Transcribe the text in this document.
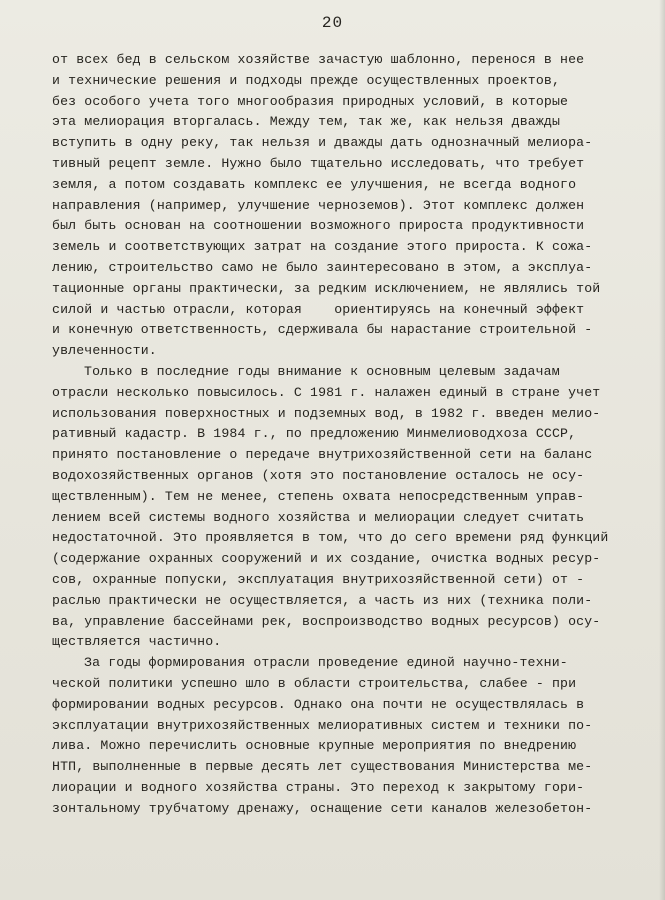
20
от всех бед в сельском хозяйстве зачастую шаблонно, перенося в нее
и технические решения и подходы прежде осуществленных проектов,
без особого учета того многообразия природных условий, в которые
эта мелиорация вторгалась. Между тем, так же, как нельзя дважды
вступить в одну реку, так нельзя и дважды дать однозначный мелиора-
тивный рецепт земле. Нужно было тщательно исследовать, что требует
земля, а потом создавать комплекс ее улучшения, не всегда водного
направления (например, улучшение черноземов). Этот комплекс должен
был быть основан на соотношении возможного прироста продуктивности
земель и соответствующих затрат на создание этого прироста. К сожа-
лению, строительство само не было заинтересовано в этом, а эксплуа-
тационные органы практически, за редким исключением, не являлись той
силой и частью отрасли, которая    ориентируясь на конечный эффект
и конечную ответственность, сдерживала бы нарастание строительной -
увлеченности.
Только в последние годы внимание к основным целевым задачам
отрасли несколько повысилось. С 1981 г. налажен единый в стране учет
использования поверхностных и подземных вод, в 1982 г. введен мелио-
ративный кадастр. В 1984 г., по предложению Минмелиоводхоза СССР,
принято постановление о передаче внутрихозяйственной сети на баланс
водохозяйственных органов (хотя это постановление осталось не осу-
ществленным). Тем не менее, степень охвата непосредственным управ-
лением всей системы водного хозяйства и мелиорации следует считать
недостаточной. Это проявляется в том, что до сего времени ряд функций
(содержание охранных сооружений и их создание, очистка водных ресур-
сов, охранные попуски, эксплуатация внутрихозяйственной сети) от -
раслью практически не осуществляется, а часть из них (техника поли-
ва, управление бассейнами рек, воспроизводство водных ресурсов) осу-
ществляется частично.
За годы формирования отрасли проведение единой научно-техни-
ческой политики успешно шло в области строительства, слабее - при
формировании водных ресурсов. Однако она почти не осуществлялась в
эксплуатации внутрихозяйственных мелиоративных систем и техники по-
лива. Можно перечислить основные крупные мероприятия по внедрению
НТП, выполненные в первые десять лет существования Министерства ме-
лиорации и водного хозяйства страны. Это переход к закрытому гори-
зонтальному трубчатому дренажу, оснащение сети каналов железобетон-
